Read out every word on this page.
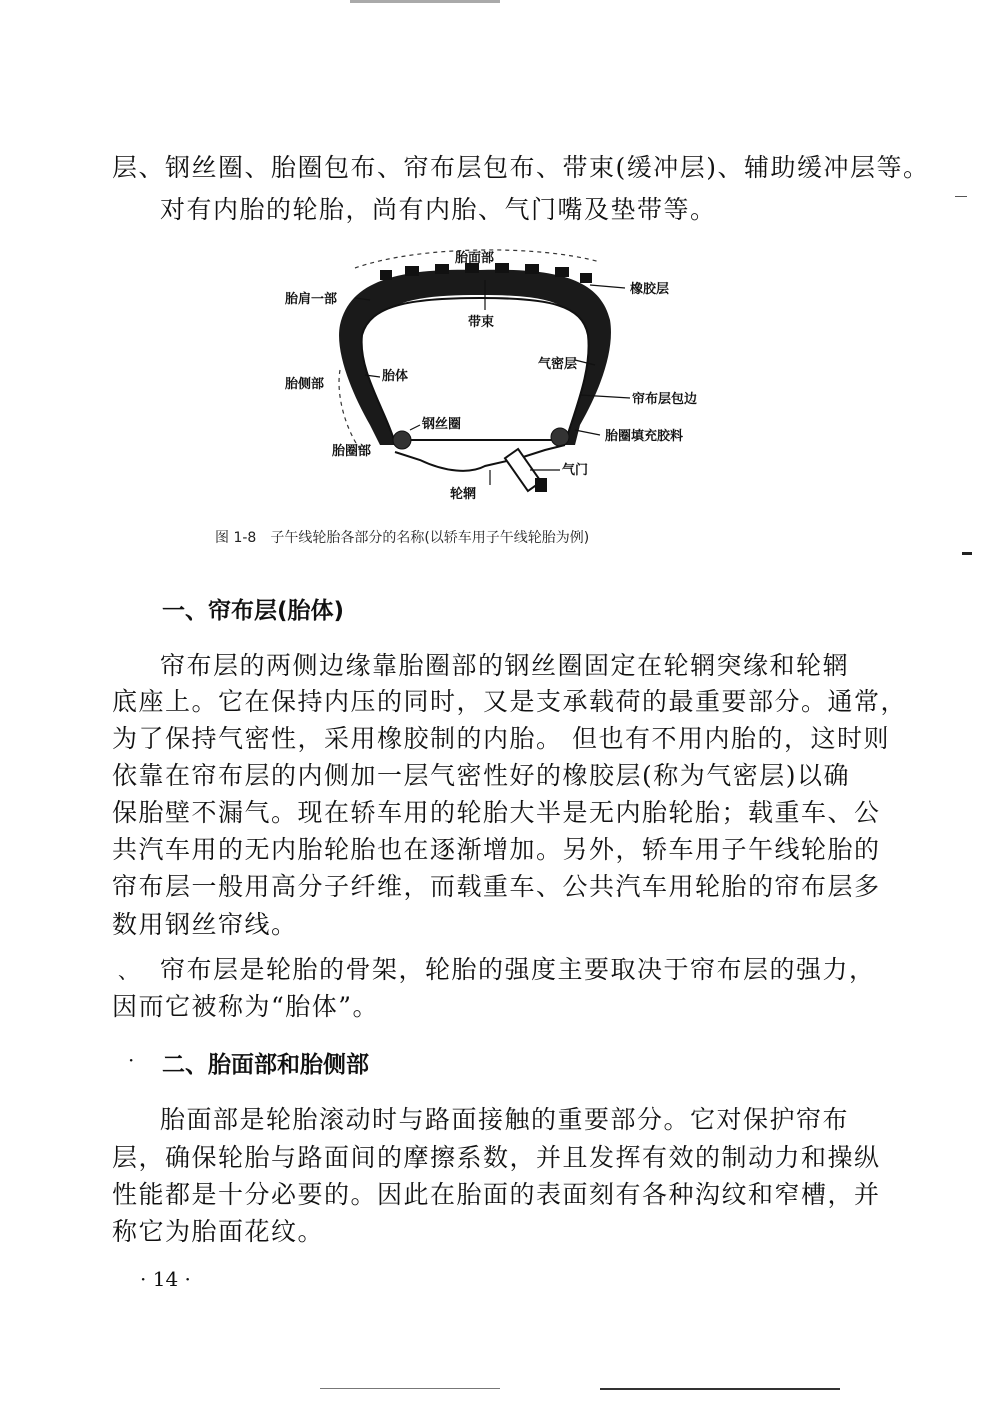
层、钢丝圈、胎圈包布、帘布层包布、带束(缓冲层)、辅助缓冲层等。
对有内胎的轮胎，尚有内胎、气门嘴及垫带等。
胎面部
橡胶层
胎肩一部
带束
气密层
胎侧部
胎体
帘布层包边
钢丝圈
胎圈填充胶料
胎圈部
气门
轮辋
图 1-8　子午线轮胎各部分的名称(以轿车用子午线轮胎为例)
一、帘布层(胎体)
帘布层的两侧边缘靠胎圈部的钢丝圈固定在轮辋突缘和轮辋
底座上。它在保持内压的同时，又是支承载荷的最重要部分。通常，
为了保持气密性，采用橡胶制的内胎。 但也有不用内胎的，这时则
依靠在帘布层的内侧加一层气密性好的橡胶层(称为气密层)以确
保胎壁不漏气。现在轿车用的轮胎大半是无内胎轮胎；载重车、公
共汽车用的无内胎轮胎也在逐渐增加。另外，轿车用子午线轮胎的
帘布层一般用高分子纤维，而载重车、公共汽车用轮胎的帘布层多
数用钢丝帘线。
、 帘布层是轮胎的骨架，轮胎的强度主要取决于帘布层的强力，
因而它被称为“胎体”。
· 二、胎面部和胎侧部
胎面部是轮胎滚动时与路面接触的重要部分。它对保护帘布
层，确保轮胎与路面间的摩擦系数，并且发挥有效的制动力和操纵
性能都是十分必要的。因此在胎面的表面刻有各种沟纹和窄槽，并
称它为胎面花纹。
· 14 ·
